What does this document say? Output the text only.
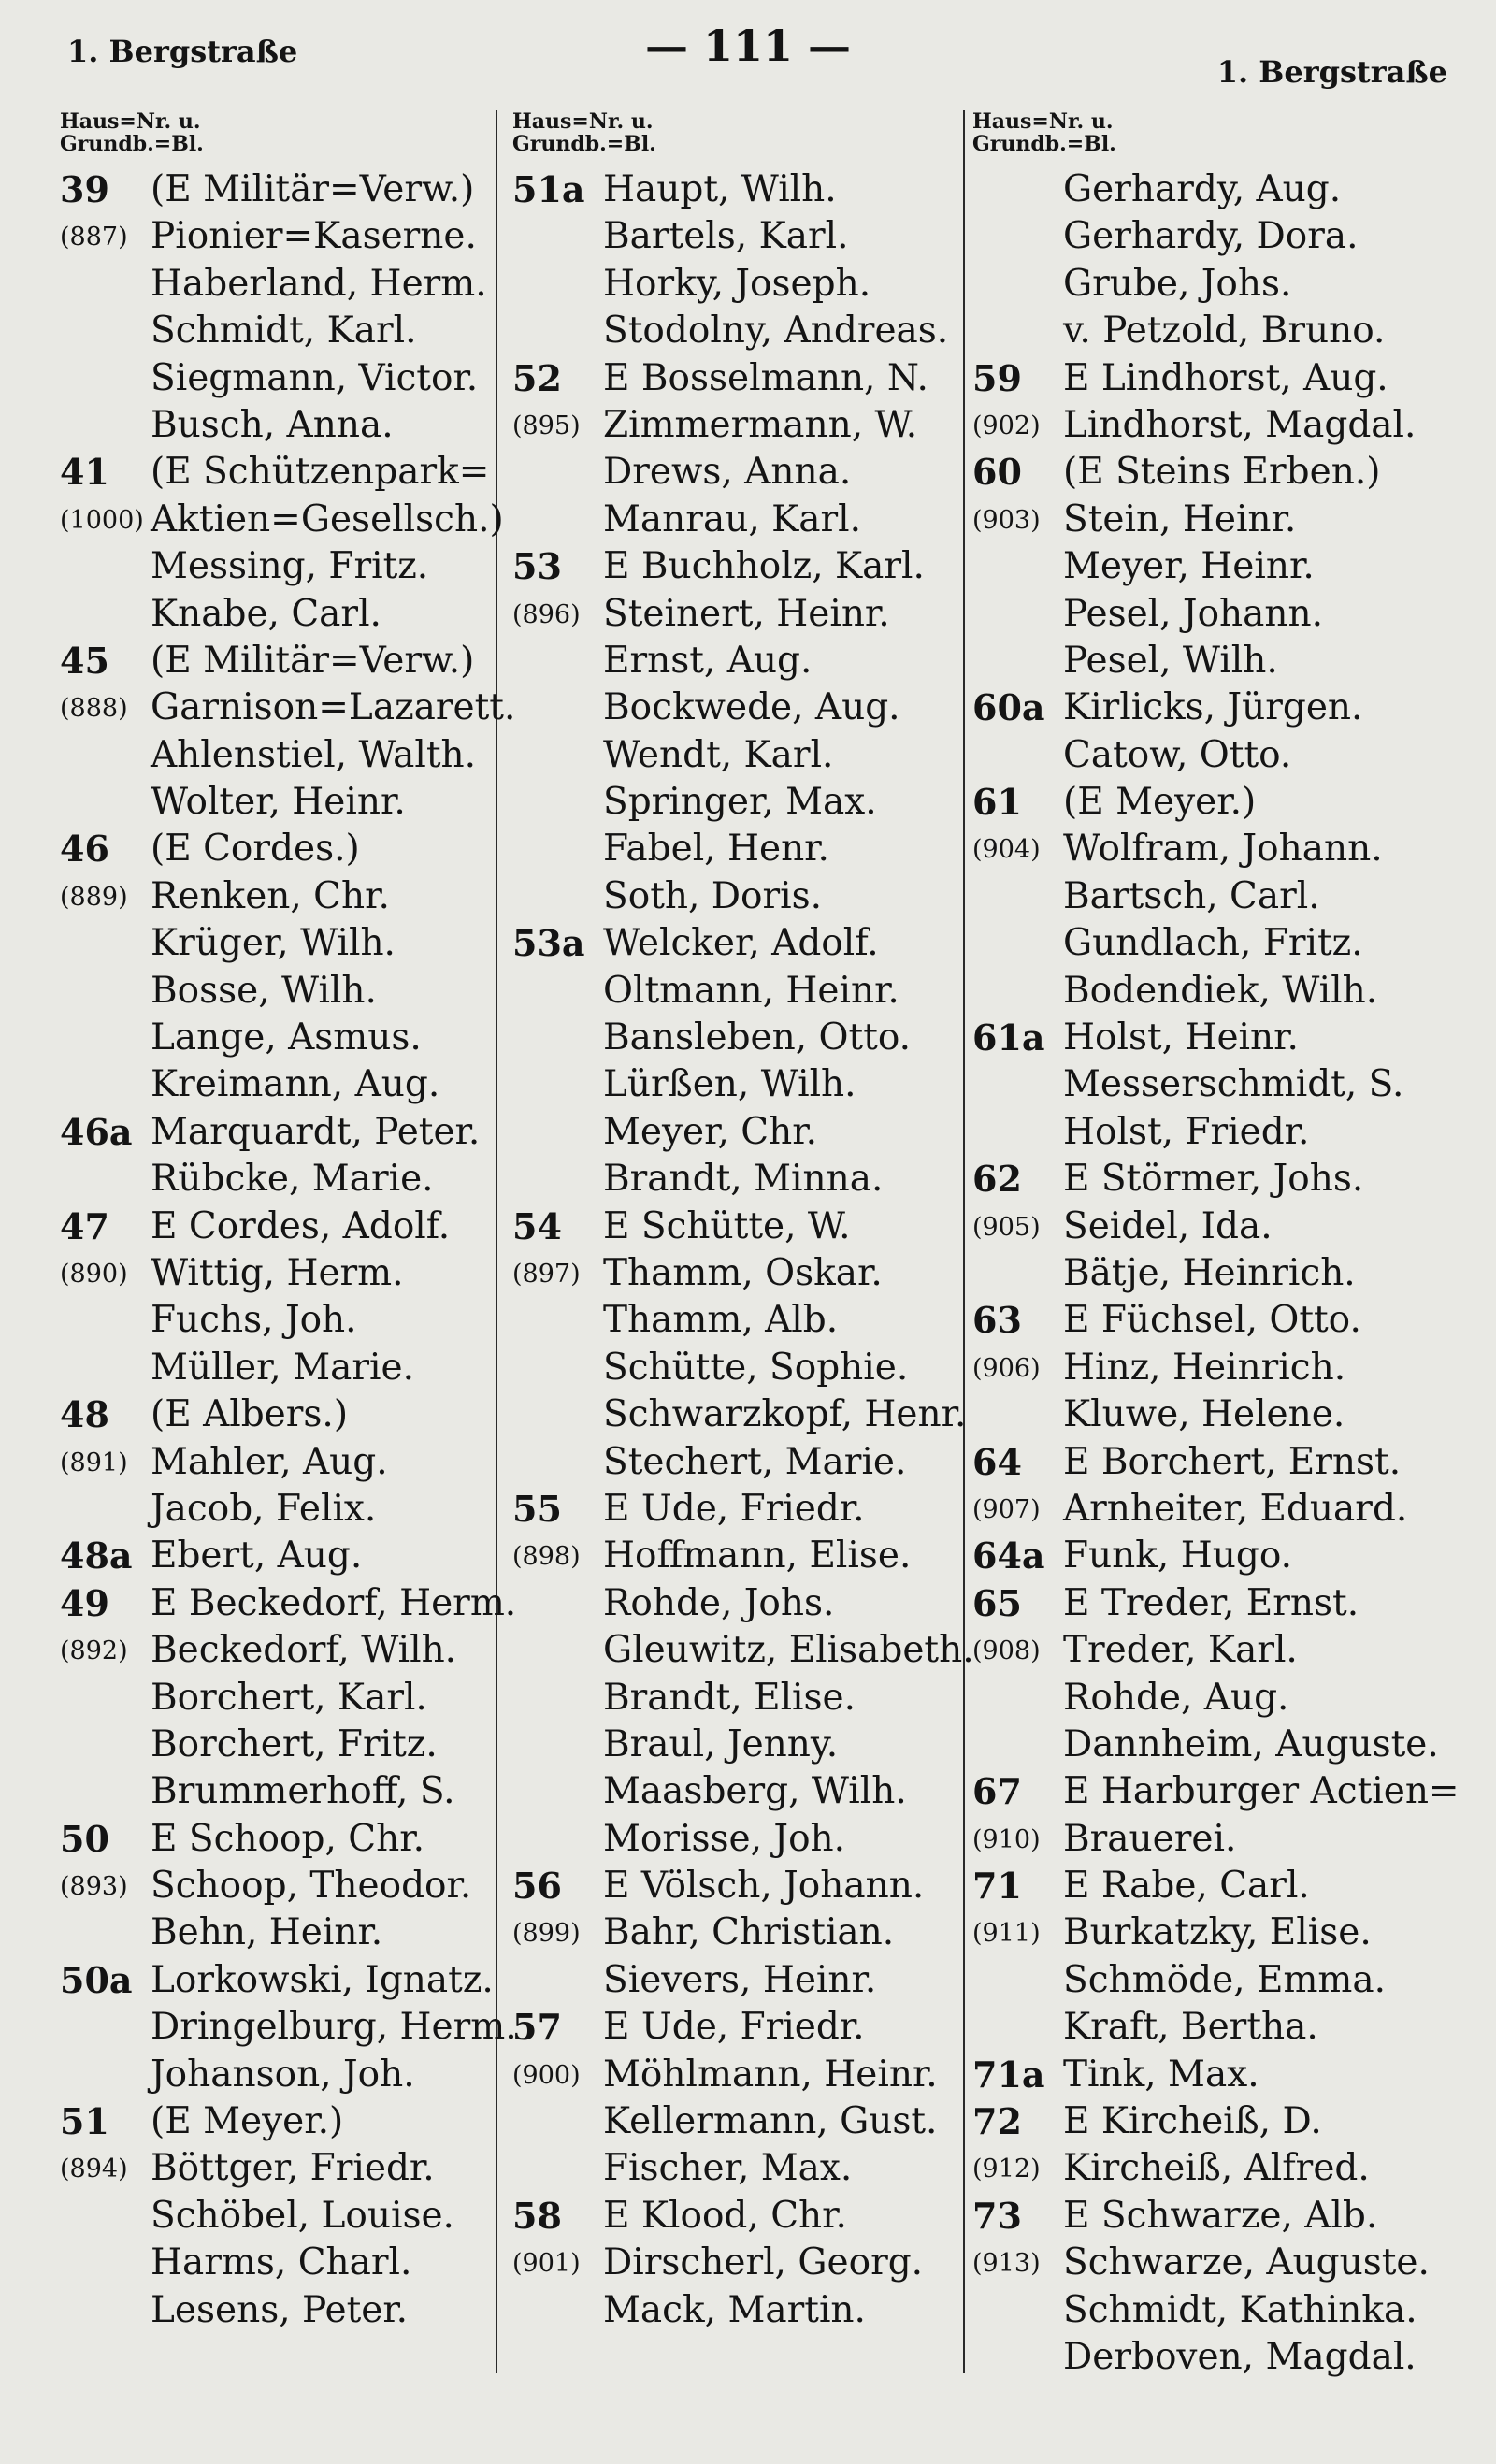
1. Bergstraße	— 111 —
1. Bergstraße
Haus=Nr. u.
Grundb.=Bl.
39 (E Militär=Verw.)
(887) Pionier=Kaserne.
Haberland, Herm.
Schmidt, Karl.
Siegmann, Victor.
Busch, Anna.
41 (E Schützenpark=
(1000) Aktien=Gesellsch.)
Messing, Fritz.
Knabe, Carl.
45 (E Militär=Verw.)
(888) Garnison=Lazarett.
Ahlenstiel, Walth.
Wolter, Heinr.
46 (E Cordes.)
(889) Renken, Chr.
Krüger, Wilh.
Bosse, Wilh.
Lange, Asmus.
Kreimann, Aug.
46a Marquardt, Peter.
Rübcke, Marie.
47 E Cordes, Adolf.
(890) Wittig, Herm.
Fuchs, Joh.
Müller, Marie.
48 (E Albers.)
(891) Mahler, Aug.
Jacob, Felix.
48a Ebert, Aug.
49 E Beckedorf, Herm.
(892) Beckedorf, Wilh.
Borchert, Karl.
Borchert, Fritz.
Brummerhoff, S.
50 E Schoop, Chr.
(893) Schoop, Theodor.
Behn, Heinr.
50a Lorkowski, Ignatz.
Dringelburg, Herm.
Johanson, Joh.
51 (E Meyer.)
(894) Böttger, Friedr.
Schöbel, Louise.
Harms, Charl.
Lesens, Peter.
Haus=Nr. u.
Grundb.=Bl.
51a Haupt, Wilh.
Bartels, Karl.
Horky, Joseph.
Stodolny, Andreas.
52 E Bosselmann, N.
(895) Zimmermann, W.
Drews, Anna.
Manrau, Karl.
53 E Buchholz, Karl.
(896) Steinert, Heinr.
Ernst, Aug.
Bockwede, Aug.
Wendt, Karl.
Springer, Max.
Fabel, Henr.
Soth, Doris.
53a Welcker, Adolf.
Oltmann, Heinr.
Bansleben, Otto.
Lürßen, Wilh.
Meyer, Chr.
Brandt, Minna.
54 E Schütte, W.
(897) Thamm, Oskar.
Thamm, Alb.
Schütte, Sophie.
Schwarzkopf, Henr.
Stechert, Marie.
55 E Ude, Friedr.
(898) Hoffmann, Elise.
Rohde, Johs.
Gleuwitz, Elisabeth.
Brandt, Elise.
Braul, Jenny.
Maasberg, Wilh.
Morisse, Joh.
56 E Völsch, Johann.
(899) Bahr, Christian.
Sievers, Heinr.
57 E Ude, Friedr.
(900) Möhlmann, Heinr.
Kellermann, Gust.
Fischer, Max.
58 E Klood, Chr.
(901) Dirscherl, Georg.
Mack, Martin.
Haus=Nr. u.
Grundb.=Bl.
Gerhardy, Aug.
Gerhardy, Dora.
Grube, Johs.
v. Petzold, Bruno.
59 E Lindhorst, Aug.
(902) Lindhorst, Magdal.
60 (E Steins Erben.)
(903) Stein, Heinr.
Meyer, Heinr.
Pesel, Johann.
Pesel, Wilh.
60a Kirlicks, Jürgen.
Catow, Otto.
61 (E Meyer.)
(904) Wolfram, Johann.
Bartsch, Carl.
Gundlach, Fritz.
Bodendiek, Wilh.
61a Holst, Heinr.
Messerschmidt, S.
Holst, Friedr.
62 E Störmer, Johs.
(905) Seidel, Ida.
Bätje, Heinrich.
63 E Füchsel, Otto.
(906) Hinz, Heinrich.
Kluwe, Helene.
64 E Borchert, Ernst.
(907) Arnheiter, Eduard.
64a Funk, Hugo.
65 E Treder, Ernst.
(908) Treder, Karl.
Rohde, Aug.
Dannheim, Auguste.
67 E Harburger Actien=
(910) Brauerei.
71 E Rabe, Carl.
(911) Burkatzky, Elise.
Schmöde, Emma.
Kraft, Bertha.
71a Tink, Max.
72 E Kircheiß, D.
(912) Kircheiß, Alfred.
73 E Schwarze, Alb.
(913) Schwarze, Auguste.
Schmidt, Kathinka.
Derboven, Magdal.
